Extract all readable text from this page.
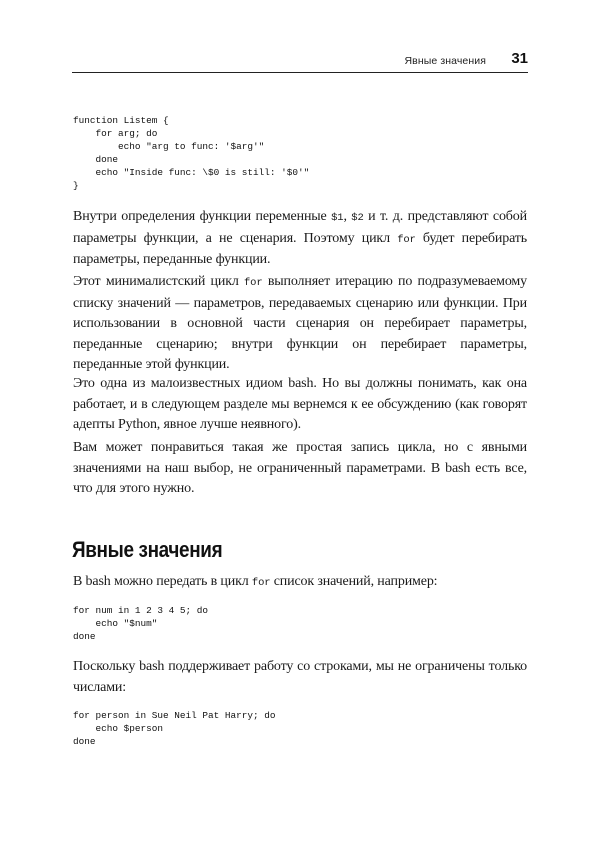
Явные значения 31
function Listem {
for arg; do
echo "arg to func: '$arg'"
done
echo "Inside func: \$0 is still: '$0'"
}

Внутри определения функции переменные $1, $2 и т. д. представляют собой параметры функции, а не сценария. Поэтому цикл for будет перебирать параметры, переданные функции.

Этот минималистский цикл for выполняет итерацию по подразумеваемому списку значений — параметров, передаваемых сценарию или функции. При использовании в основной части сценария он перебирает параметры, переданные сценарию; внутри функции он перебирает параметры, переданные этой функции.

Это одна из малоизвестных идиом bash. Но вы должны понимать, как она работает, и в следующем разделе мы вернемся к ее обсуждению (как говорят адепты Python, явное лучше неявного).

Вам может понравиться такая же простая запись цикла, но с явными значениями на наш выбор, не ограниченный параметрами. В bash есть все, что для этого нужно.

Явные значения

В bash можно передать в цикл for список значений, например:

for num in 1 2 3 4 5; do
echo "$num"
done

Поскольку bash поддерживает работу со строками, мы не ограничены только числами:

for person in Sue Neil Pat Harry; do
echo $person
done
